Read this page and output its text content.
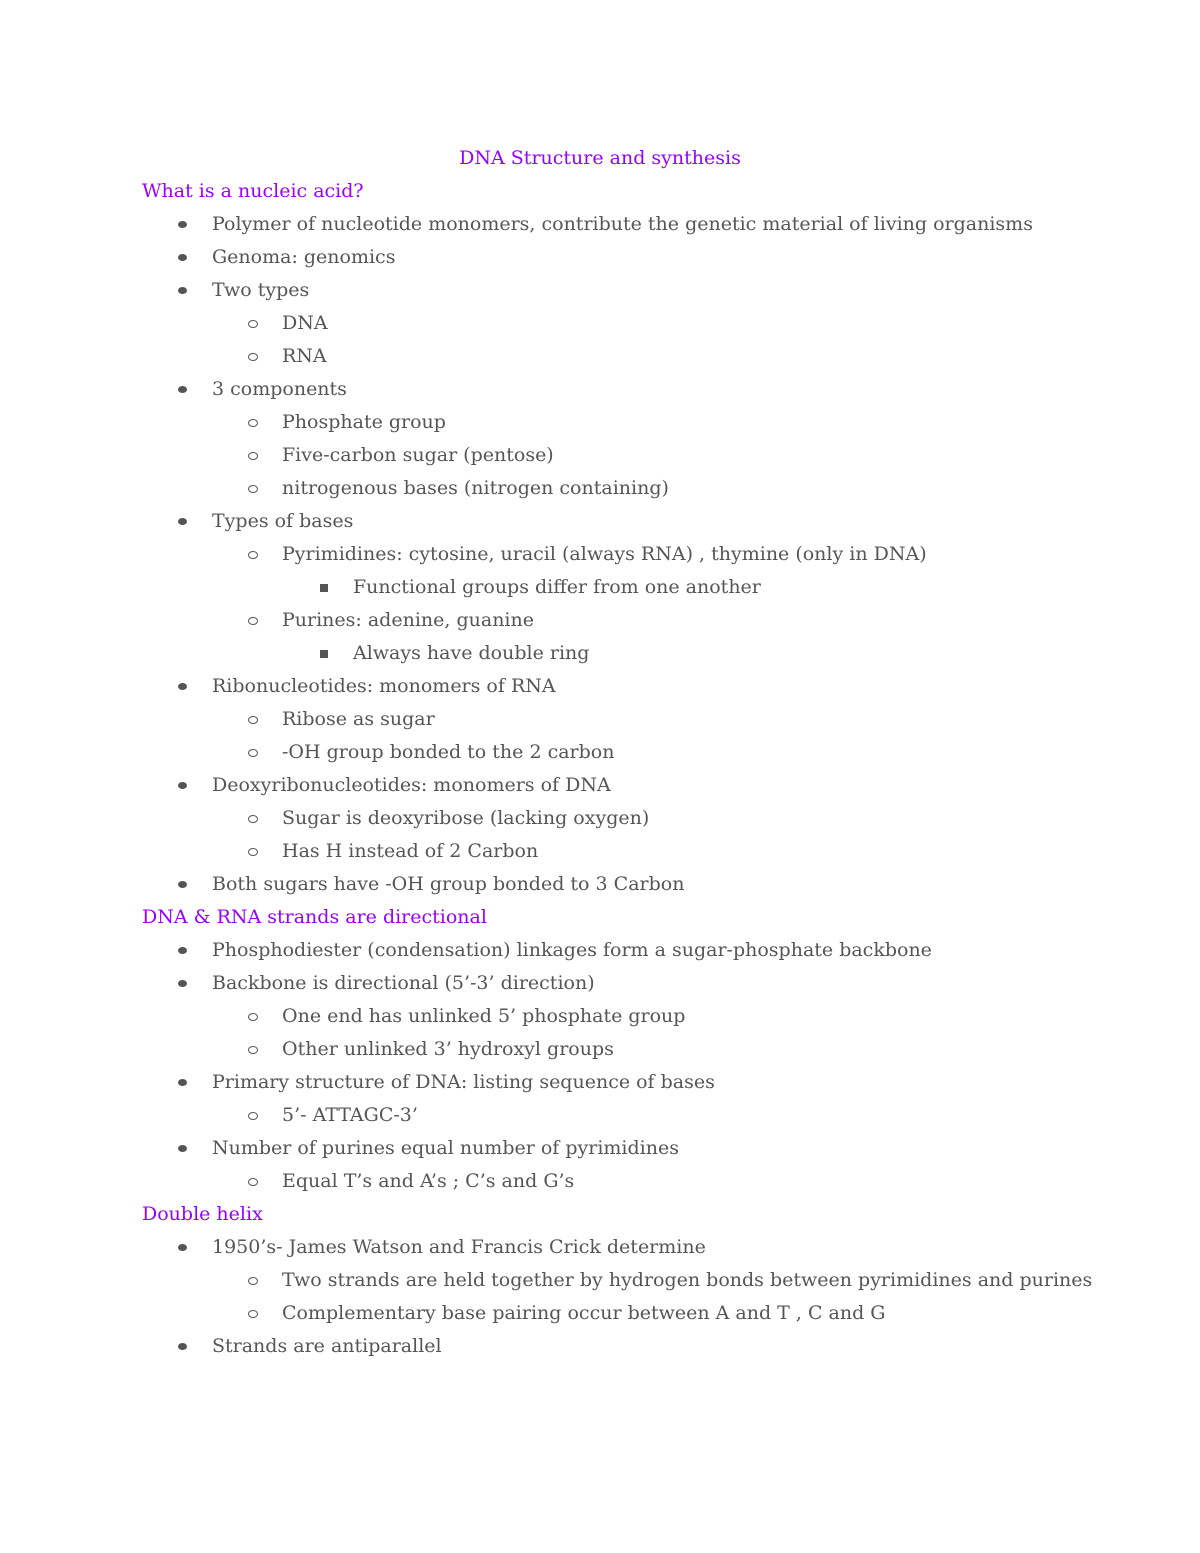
DNA Structure and synthesis
What is a nucleic acid?
Polymer of nucleotide monomers, contribute the genetic material of living organisms
Genoma: genomics
Two types
DNA
RNA
3 components
Phosphate group
Five-carbon sugar (pentose)
nitrogenous bases (nitrogen containing)
Types of bases
Pyrimidines: cytosine, uracil (always RNA) , thymine (only in DNA)
Functional groups differ from one another
Purines: adenine, guanine
Always have double ring
Ribonucleotides: monomers of RNA
Ribose as sugar
-OH group bonded to the 2 carbon
Deoxyribonucleotides: monomers of DNA
Sugar is deoxyribose (lacking oxygen)
Has H instead of 2 Carbon
Both sugars have -OH group bonded to 3 Carbon
DNA & RNA strands are directional
Phosphodiester (condensation) linkages form a sugar-phosphate backbone
Backbone is directional (5’-3’ direction)
One end has unlinked 5’ phosphate group
Other unlinked 3’ hydroxyl groups
Primary structure of DNA: listing sequence of bases
5’- ATTAGC-3’
Number of purines equal number of pyrimidines
Equal T’s and A’s ; C’s and G’s
Double helix
1950’s- James Watson and Francis Crick determine
Two strands are held together by hydrogen bonds between pyrimidines and purines
Complementary base pairing occur between A and T , C and G
Strands are antiparallel
